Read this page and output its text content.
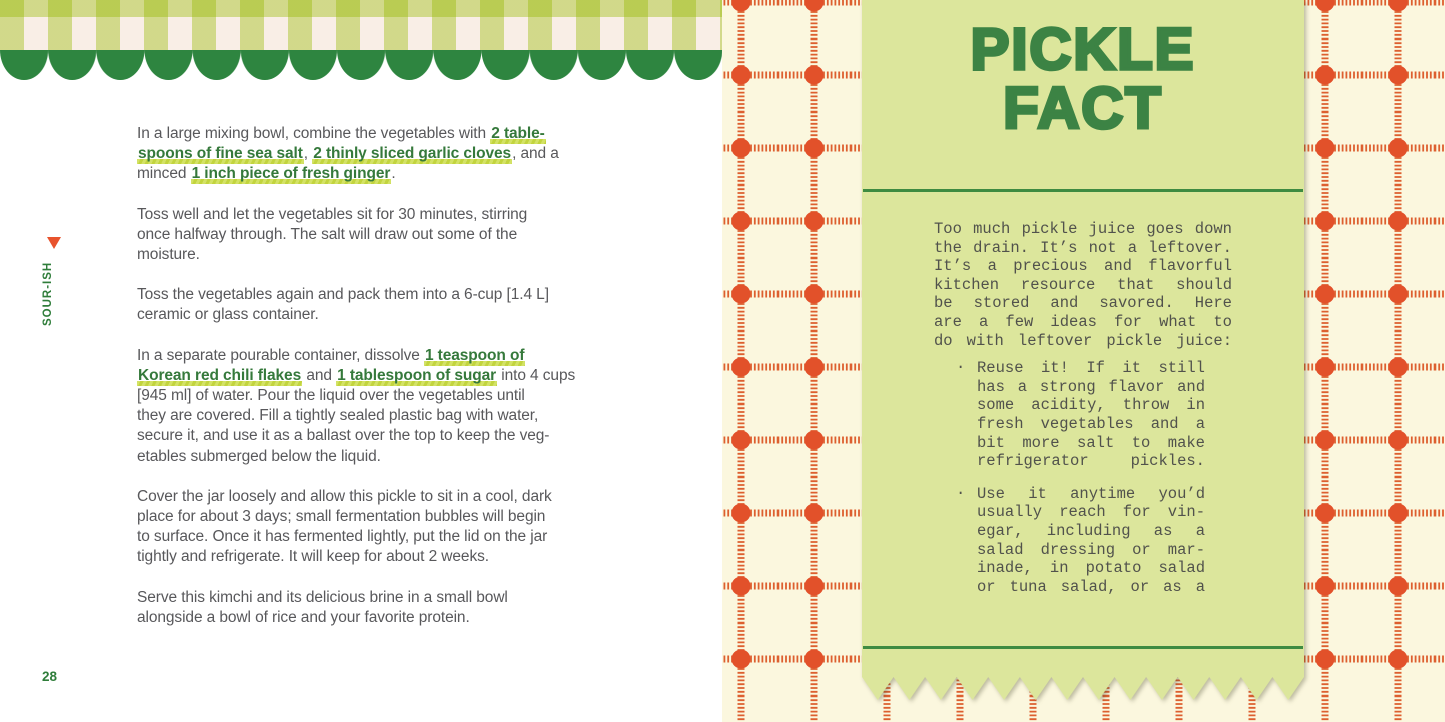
SOUR-ISH

In a large mixing bowl, combine the vegetables with 2 table-
spoons of fine sea salt, 2 thinly sliced garlic cloves, and a
minced 1 inch piece of fresh ginger.

Toss well and let the vegetables sit for 30 minutes, stirring
once halfway through. The salt will draw out some of the
moisture.

Toss the vegetables again and pack them into a 6-cup [1.4 L]
ceramic or glass container.

In a separate pourable container, dissolve 1 teaspoon of
Korean red chili flakes and 1 tablespoon of sugar into 4 cups
[945 ml] of water. Pour the liquid over the vegetables until
they are covered. Fill a tightly sealed plastic bag with water,
secure it, and use it as a ballast over the top to keep the veg-
etables submerged below the liquid.

Cover the jar loosely and allow this pickle to sit in a cool, dark
place for about 3 days; small fermentation bubbles will begin
to surface. Once it has fermented lightly, put the lid on the jar
tightly and refrigerate. It will keep for about 2 weeks.

Serve this kimchi and its delicious brine in a small bowl
alongside a bowl of rice and your favorite protein.

28
PICKLE
FACT
Too much pickle juice goes down
the drain. It’s not a leftover.
It’s a precious and flavorful
kitchen resource that should
be stored and savored. Here
are a few ideas for what to
do with leftover pickle juice:
· Reuse it! If it still
has a strong flavor and
some acidity, throw in
fresh vegetables and a
bit more salt to make
refrigerator pickles.
· Use it anytime you’d
usually reach for vin-
egar, including as a
salad dressing or mar-
inade, in potato salad
or tuna salad, or as a
